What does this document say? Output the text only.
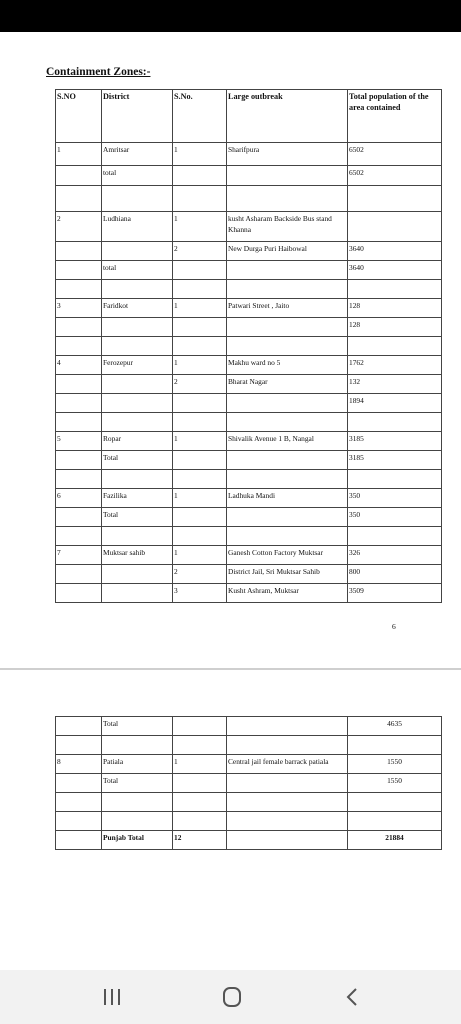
Containment Zones:-
S.NO	District	S.No.	Large outbreak	Total population of the area contained
1	Amritsar	1	Sharifpura	6502
	total			6502

2	Ludhiana	1	kusht Asharam Backside Bus stand Khanna	
		2	New Durga Puri Haibowal	3640
	total			3640

3	Faridkot	1	Patwari Street , Jaito	128
				128

4	Ferozepur	1	Makhu ward no 5	1762
		2	Bharat Nagar	132
				1894

5	Ropar	1	Shivalik Avenue 1 B, Nangal	3185
	Total			3185

6	Fazilika	1	Ladhuka Mandi	350
	Total			350

7	Muktsar sahib	1	Ganesh Cotton Factory Muktsar	326
		2	District Jail, Sri Muktsar Sahib	800
		3	Kusht Ashram, Muktsar	3509
6
	Total			4635

8	Patiala	1	Central jail female barrack patiala	1550
	Total			1550

	Punjab Total	12		21884
